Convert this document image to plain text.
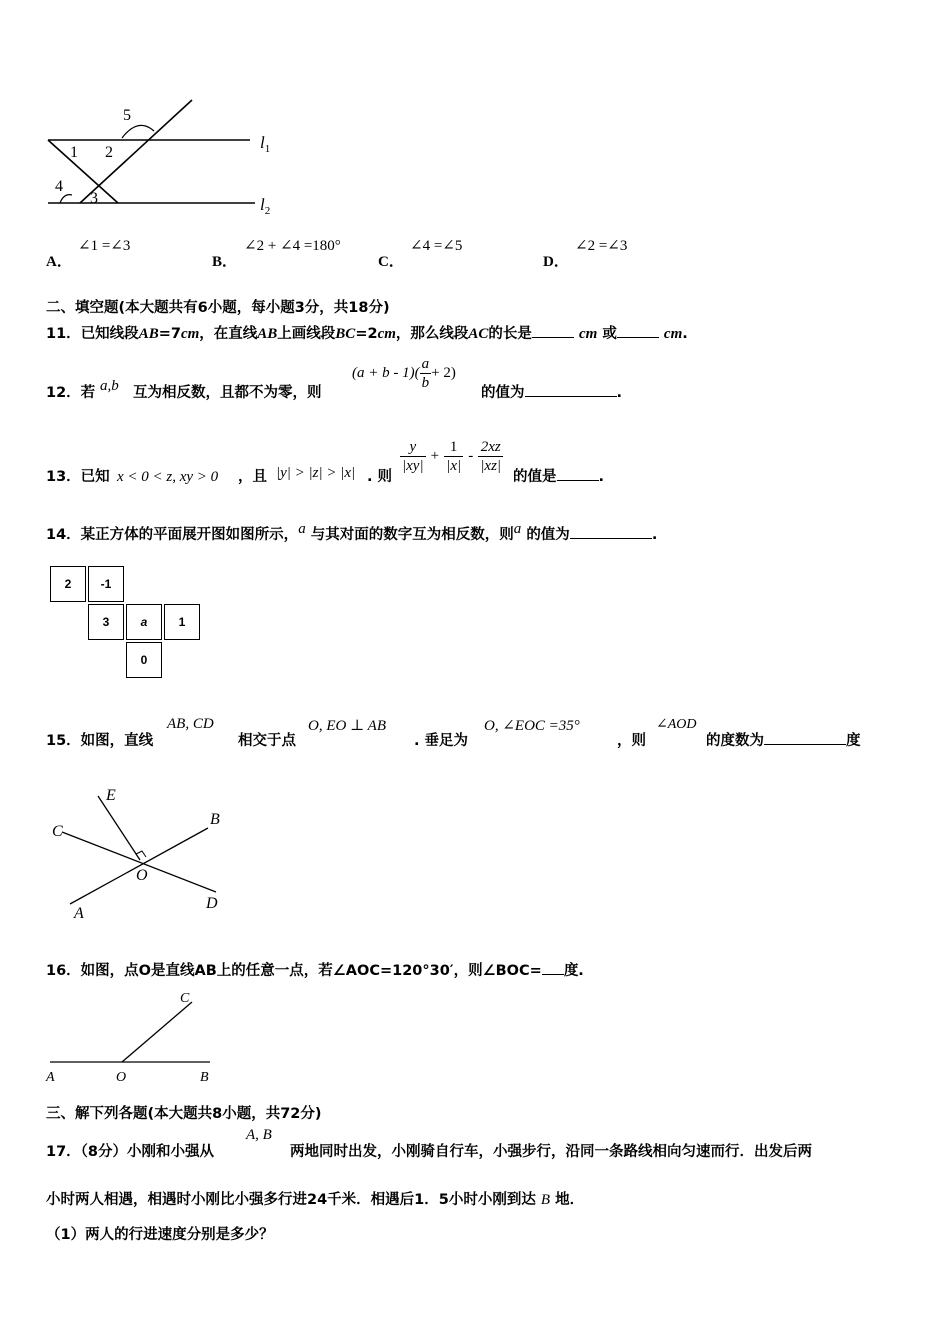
5
1 2
4
3
$l_1$
$l_2$
A．
∠1 =∠3
B．
∠2 + ∠4 =180°
C．
∠4 =∠5
D．
∠2 =∠3
二、填空题(本大题共有6小题，每小题3分，共18分)
11．已知线段AB=7cm，在直线AB上画线段BC=2cm，那么线段AC的长是	cm 或	cm.
12．若 a,b 互为相反数，且都不为零，则
$(a + b - 1)( \frac{a}{b} + 2)$
的值为	.
13．已知 x < 0 < z, xy > 0 ，且 |y| > |z| > |x| . 则
$\frac{y}{|xy|} + \frac{1}{|x|} - \frac{2xz}{|xz|}$
的值是	.
14．某正方体的平面展开图如图所示，a 与其对面的数字互为相反数，则a 的值为	.
2	-1
3	a	1
0
15．如图，直线
AB, CD
相交于点
O, EO ⊥ AB
. 垂足为
O, ∠EOC =35°
，则
∠AOD
的度数为	度
E
C
B
O
A
D
16．如图，点O是直线AB上的任意一点，若∠AOC=120°30′，则∠BOC= 度.
C
A	O	B
三、解下列各题(本大题共8小题，共72分)
17．（8分）小刚和小强从
A, B
两地同时出发，小刚骑自行车，小强步行，沿同一条路线相向匀速而行．出发后两
小时两人相遇，相遇时小刚比小强多行进24千米．相遇后1．5小时小刚到达 B 地．
（1）两人的行进速度分别是多少？
